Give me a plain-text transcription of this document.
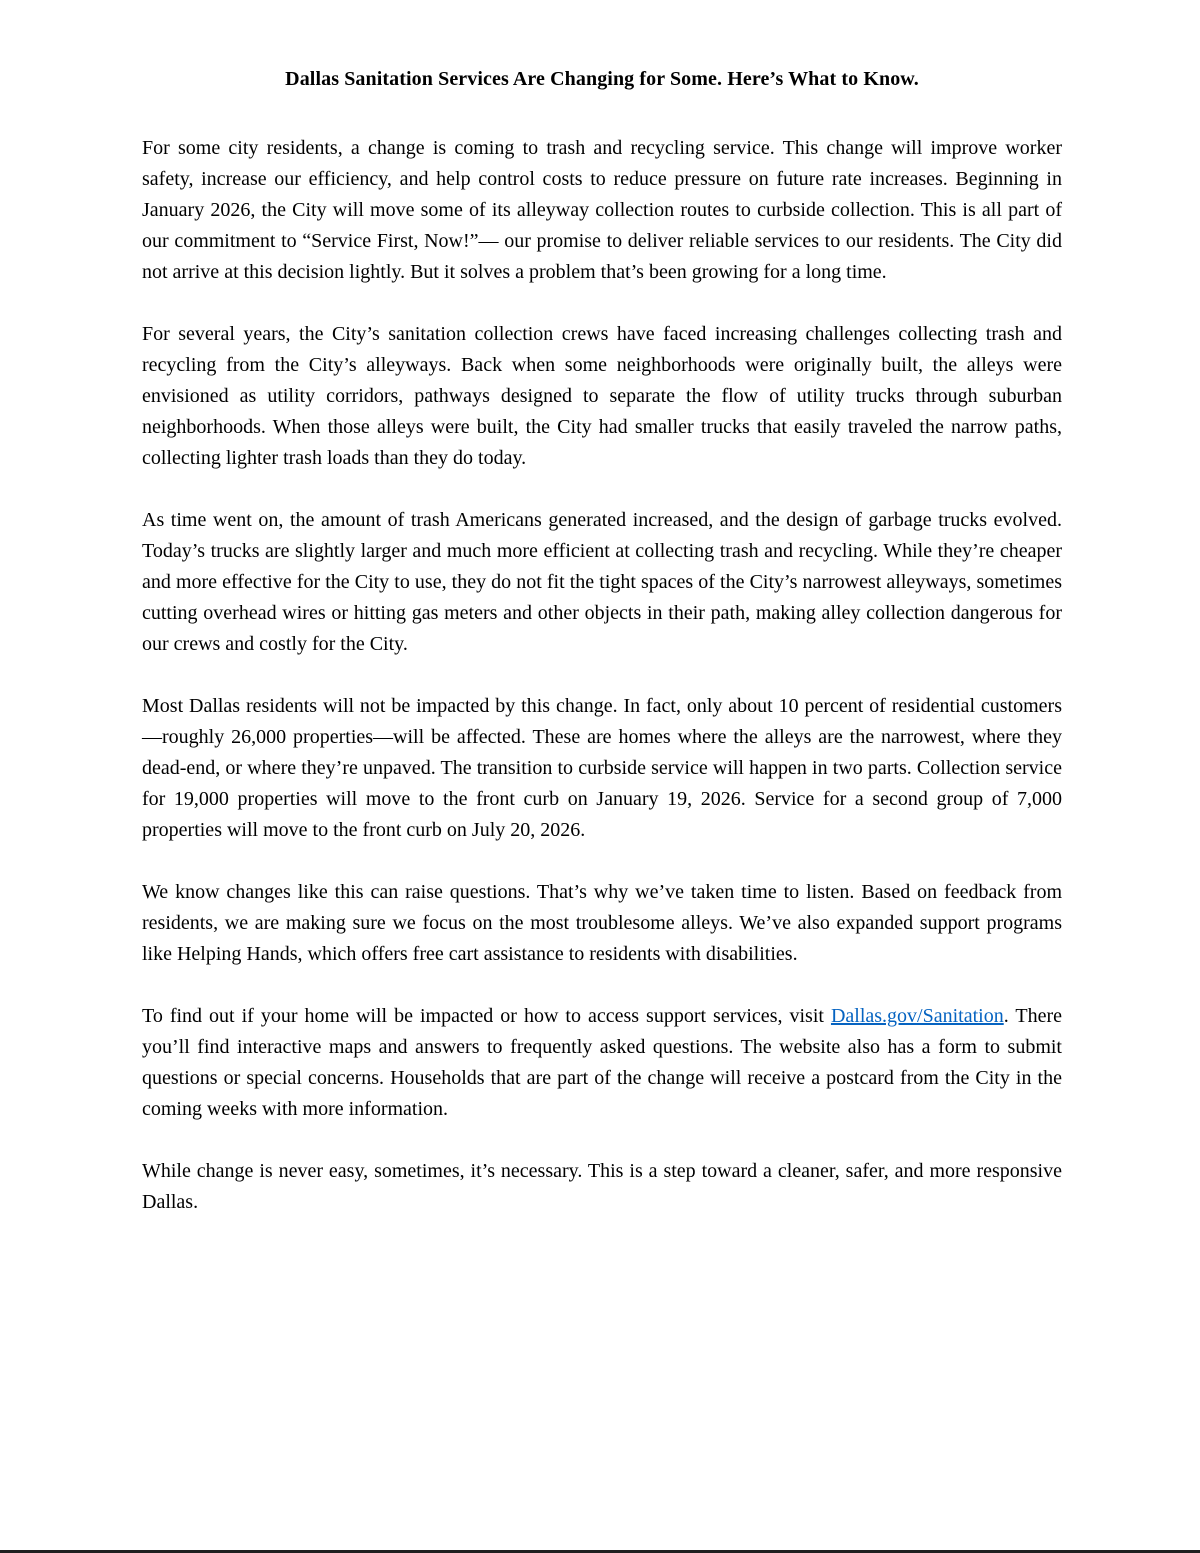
Dallas Sanitation Services Are Changing for Some. Here’s What to Know.

For some city residents, a change is coming to trash and recycling service. This change will improve worker safety, increase our efficiency, and help control costs to reduce pressure on future rate increases. Beginning in January 2026, the City will move some of its alleyway collection routes to curbside collection. This is all part of our commitment to “Service First, Now!”— our promise to deliver reliable services to our residents. The City did not arrive at this decision lightly. But it solves a problem that’s been growing for a long time.

For several years, the City’s sanitation collection crews have faced increasing challenges collecting trash and recycling from the City’s alleyways. Back when some neighborhoods were originally built, the alleys were envisioned as utility corridors, pathways designed to separate the flow of utility trucks through suburban neighborhoods. When those alleys were built, the City had smaller trucks that easily traveled the narrow paths, collecting lighter trash loads than they do today.

As time went on, the amount of trash Americans generated increased, and the design of garbage trucks evolved. Today’s trucks are slightly larger and much more efficient at collecting trash and recycling. While they’re cheaper and more effective for the City to use, they do not fit the tight spaces of the City’s narrowest alleyways, sometimes cutting overhead wires or hitting gas meters and other objects in their path, making alley collection dangerous for our crews and costly for the City.

Most Dallas residents will not be impacted by this change. In fact, only about 10 percent of residential customers—roughly 26,000 properties—will be affected. These are homes where the alleys are the narrowest, where they dead-end, or where they’re unpaved. The transition to curbside service will happen in two parts. Collection service for 19,000 properties will move to the front curb on January 19, 2026. Service for a second group of 7,000 properties will move to the front curb on July 20, 2026.

We know changes like this can raise questions. That’s why we’ve taken time to listen. Based on feedback from residents, we are making sure we focus on the most troublesome alleys. We’ve also expanded support programs like Helping Hands, which offers free cart assistance to residents with disabilities.

To find out if your home will be impacted or how to access support services, visit Dallas.gov/Sanitation. There you’ll find interactive maps and answers to frequently asked questions. The website also has a form to submit questions or special concerns. Households that are part of the change will receive a postcard from the City in the coming weeks with more information.

While change is never easy, sometimes, it’s necessary. This is a step toward a cleaner, safer, and more responsive Dallas.
